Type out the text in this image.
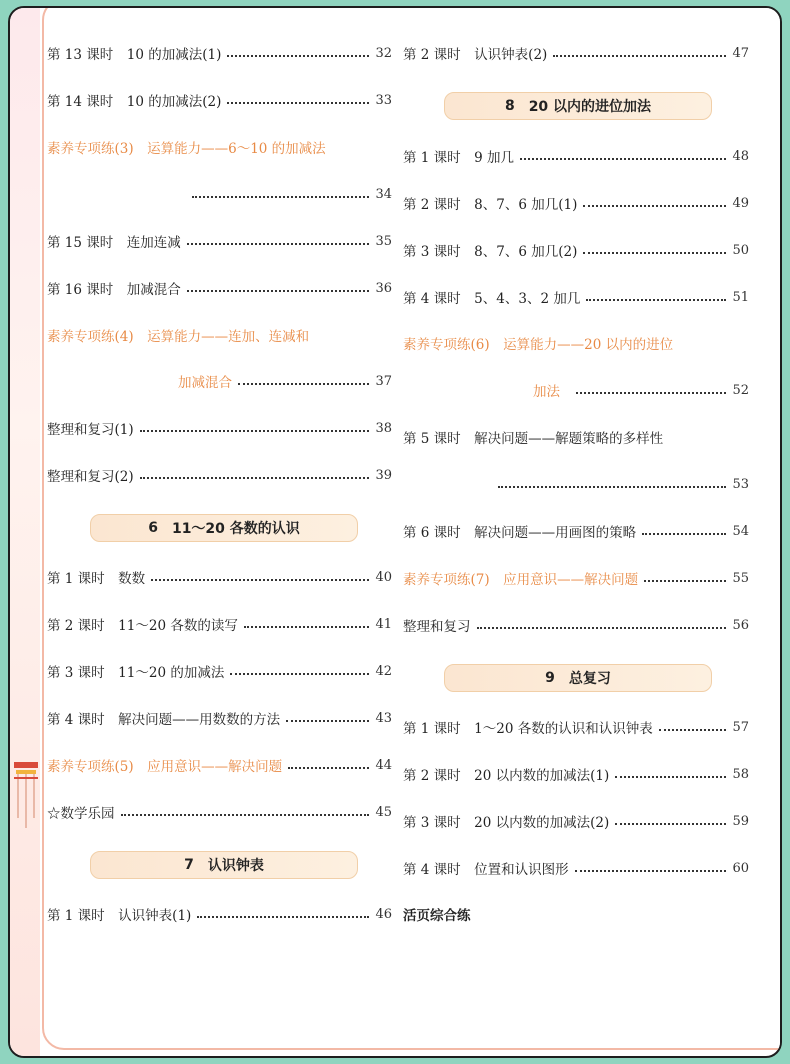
第 13 课时　10 的加减法(1)	32
第 14 课时　10 的加减法(2)	33
素养专项练(3)　运算能力——6～10 的加减法
34
第 15 课时　连加连减	35
第 16 课时　加减混合	36
素养专项练(4)　运算能力——连加、连减和
加减混合	37
整理和复习(1)	38
整理和复习(2)	39
6 11～20 各数的认识
第 1 课时　数数	40
第 2 课时　11～20 各数的读写	41
第 3 课时　11～20 的加减法	42
第 4 课时　解决问题——用数数的方法	43
素养专项练(5)　应用意识——解决问题	44
☆数学乐园	45
7 认识钟表
第 1 课时　认识钟表(1)	46
第 2 课时　认识钟表(2)	47
8 20 以内的进位加法
第 1 课时　9 加几	48
第 2 课时　8、7、6 加几(1)	49
第 3 课时　8、7、6 加几(2)	50
第 4 课时　5、4、3、2 加几	51
素养专项练(6)　运算能力——20 以内的进位
加法	52
第 5 课时　解决问题——解题策略的多样性
53
第 6 课时　解决问题——用画图的策略	54
素养专项练(7)　应用意识——解决问题	55
整理和复习	56
9 总复习
第 1 课时　1～20 各数的认识和认识钟表	57
第 2 课时　20 以内数的加减法(1)	58
第 3 课时　20 以内数的加减法(2)	59
第 4 课时　位置和认识图形	60
活页综合练
